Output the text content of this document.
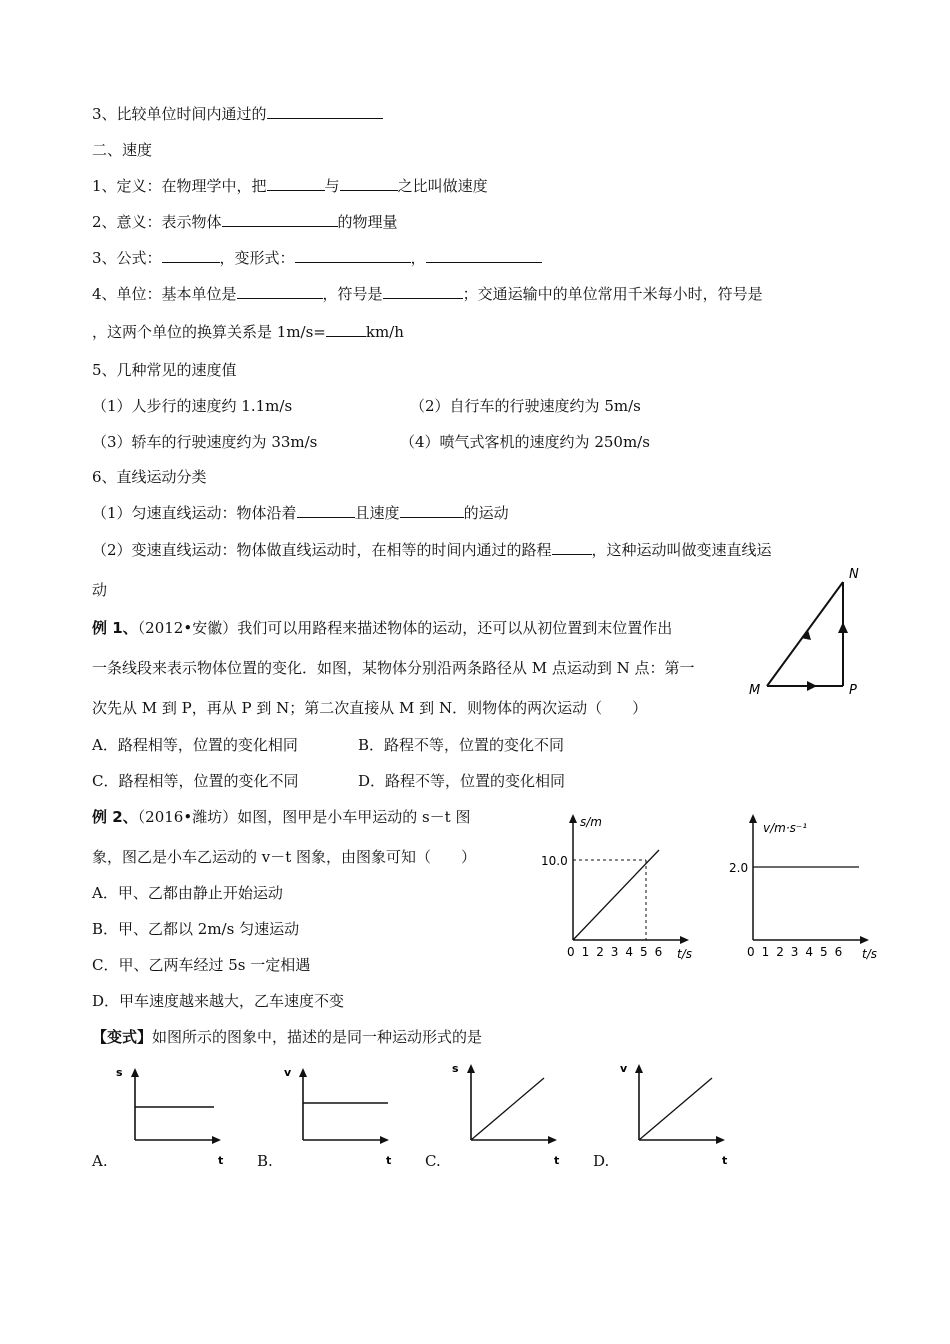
3、比较单位时间内通过的
二、速度
1、定义：在物理学中，把	与	之比叫做速度
2、意义：表示物体	的物理量
3、公式：	，变形式：	，
4、单位：基本单位是	，符号是	；交通运输中的单位常用千米每小时，符号是
，这两个单位的换算关系是 1m/s=	km/h
5、几种常见的速度值
（1）人步行的速度约 1.1m/s	（2）自行车的行驶速度约为 5m/s
（3）轿车的行驶速度约为 33m/s	（4）喷气式客机的速度约为 250m/s
6、直线运动分类
（1）匀速直线运动：物体沿着	且速度	的运动
（2）变速直线运动：物体做直线运动时，在相等的时间内通过的路程	，这种运动叫做变速直线运
动
例 1、（2012•安徽）我们可以用路程来描述物体的运动，还可以从初位置到末位置作出
一条线段来表示物体位置的变化．如图，某物体分别沿两条路径从 M 点运动到 N 点：第一
次先从 M 到 P，再从 P 到 N；第二次直接从 M 到 N．则物体的两次运动（　　）
A．路程相等，位置的变化相同	B．路程不等，位置的变化不同
C．路程相等，位置的变化不同	D．路程不等，位置的变化相同
N
M	P
例 2、（2016•潍坊）如图，图甲是小车甲运动的 s－t 图
象，图乙是小车乙运动的 v－t 图象，由图象可知（　　）
A．甲、乙都由静止开始运动
B．甲、乙都以 2m/s 匀速运动
C．甲、乙两车经过 5s 一定相遇
D．甲车速度越来越大，乙车速度不变
s/m
10.0
t/s
0 1 2 3 4 5 6
v/m·s⁻¹
2.0
t/s
0 1 2 3 4 5 6
【变式】如图所示的图象中，描述的是同一种运动形式的是
A.
s
t B.
v
t C.
s
t D.
v
t
